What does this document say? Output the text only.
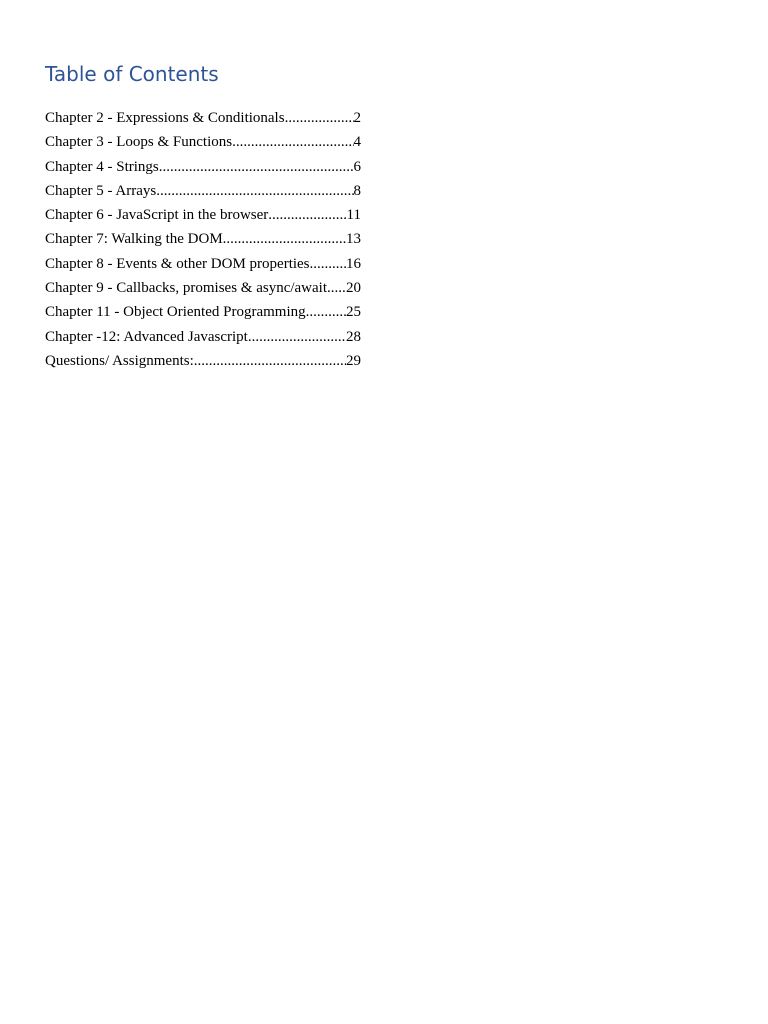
Table of Contents
Chapter 2 - Expressions & Conditionals .....	2
Chapter 3 - Loops & Functions .....	4
Chapter 4 - Strings .....	6
Chapter 5 - Arrays .....	8
Chapter 6 - JavaScript in the browser .....	11
Chapter 7: Walking the DOM .....	13
Chapter 8 - Events & other DOM properties ..... 16
Chapter 9 - Callbacks, promises & async/await ..... 20
Chapter 11 - Object Oriented Programming .....	25
Chapter -12: Advanced Javascript .....	28
Questions/ Assignments: .....	29
